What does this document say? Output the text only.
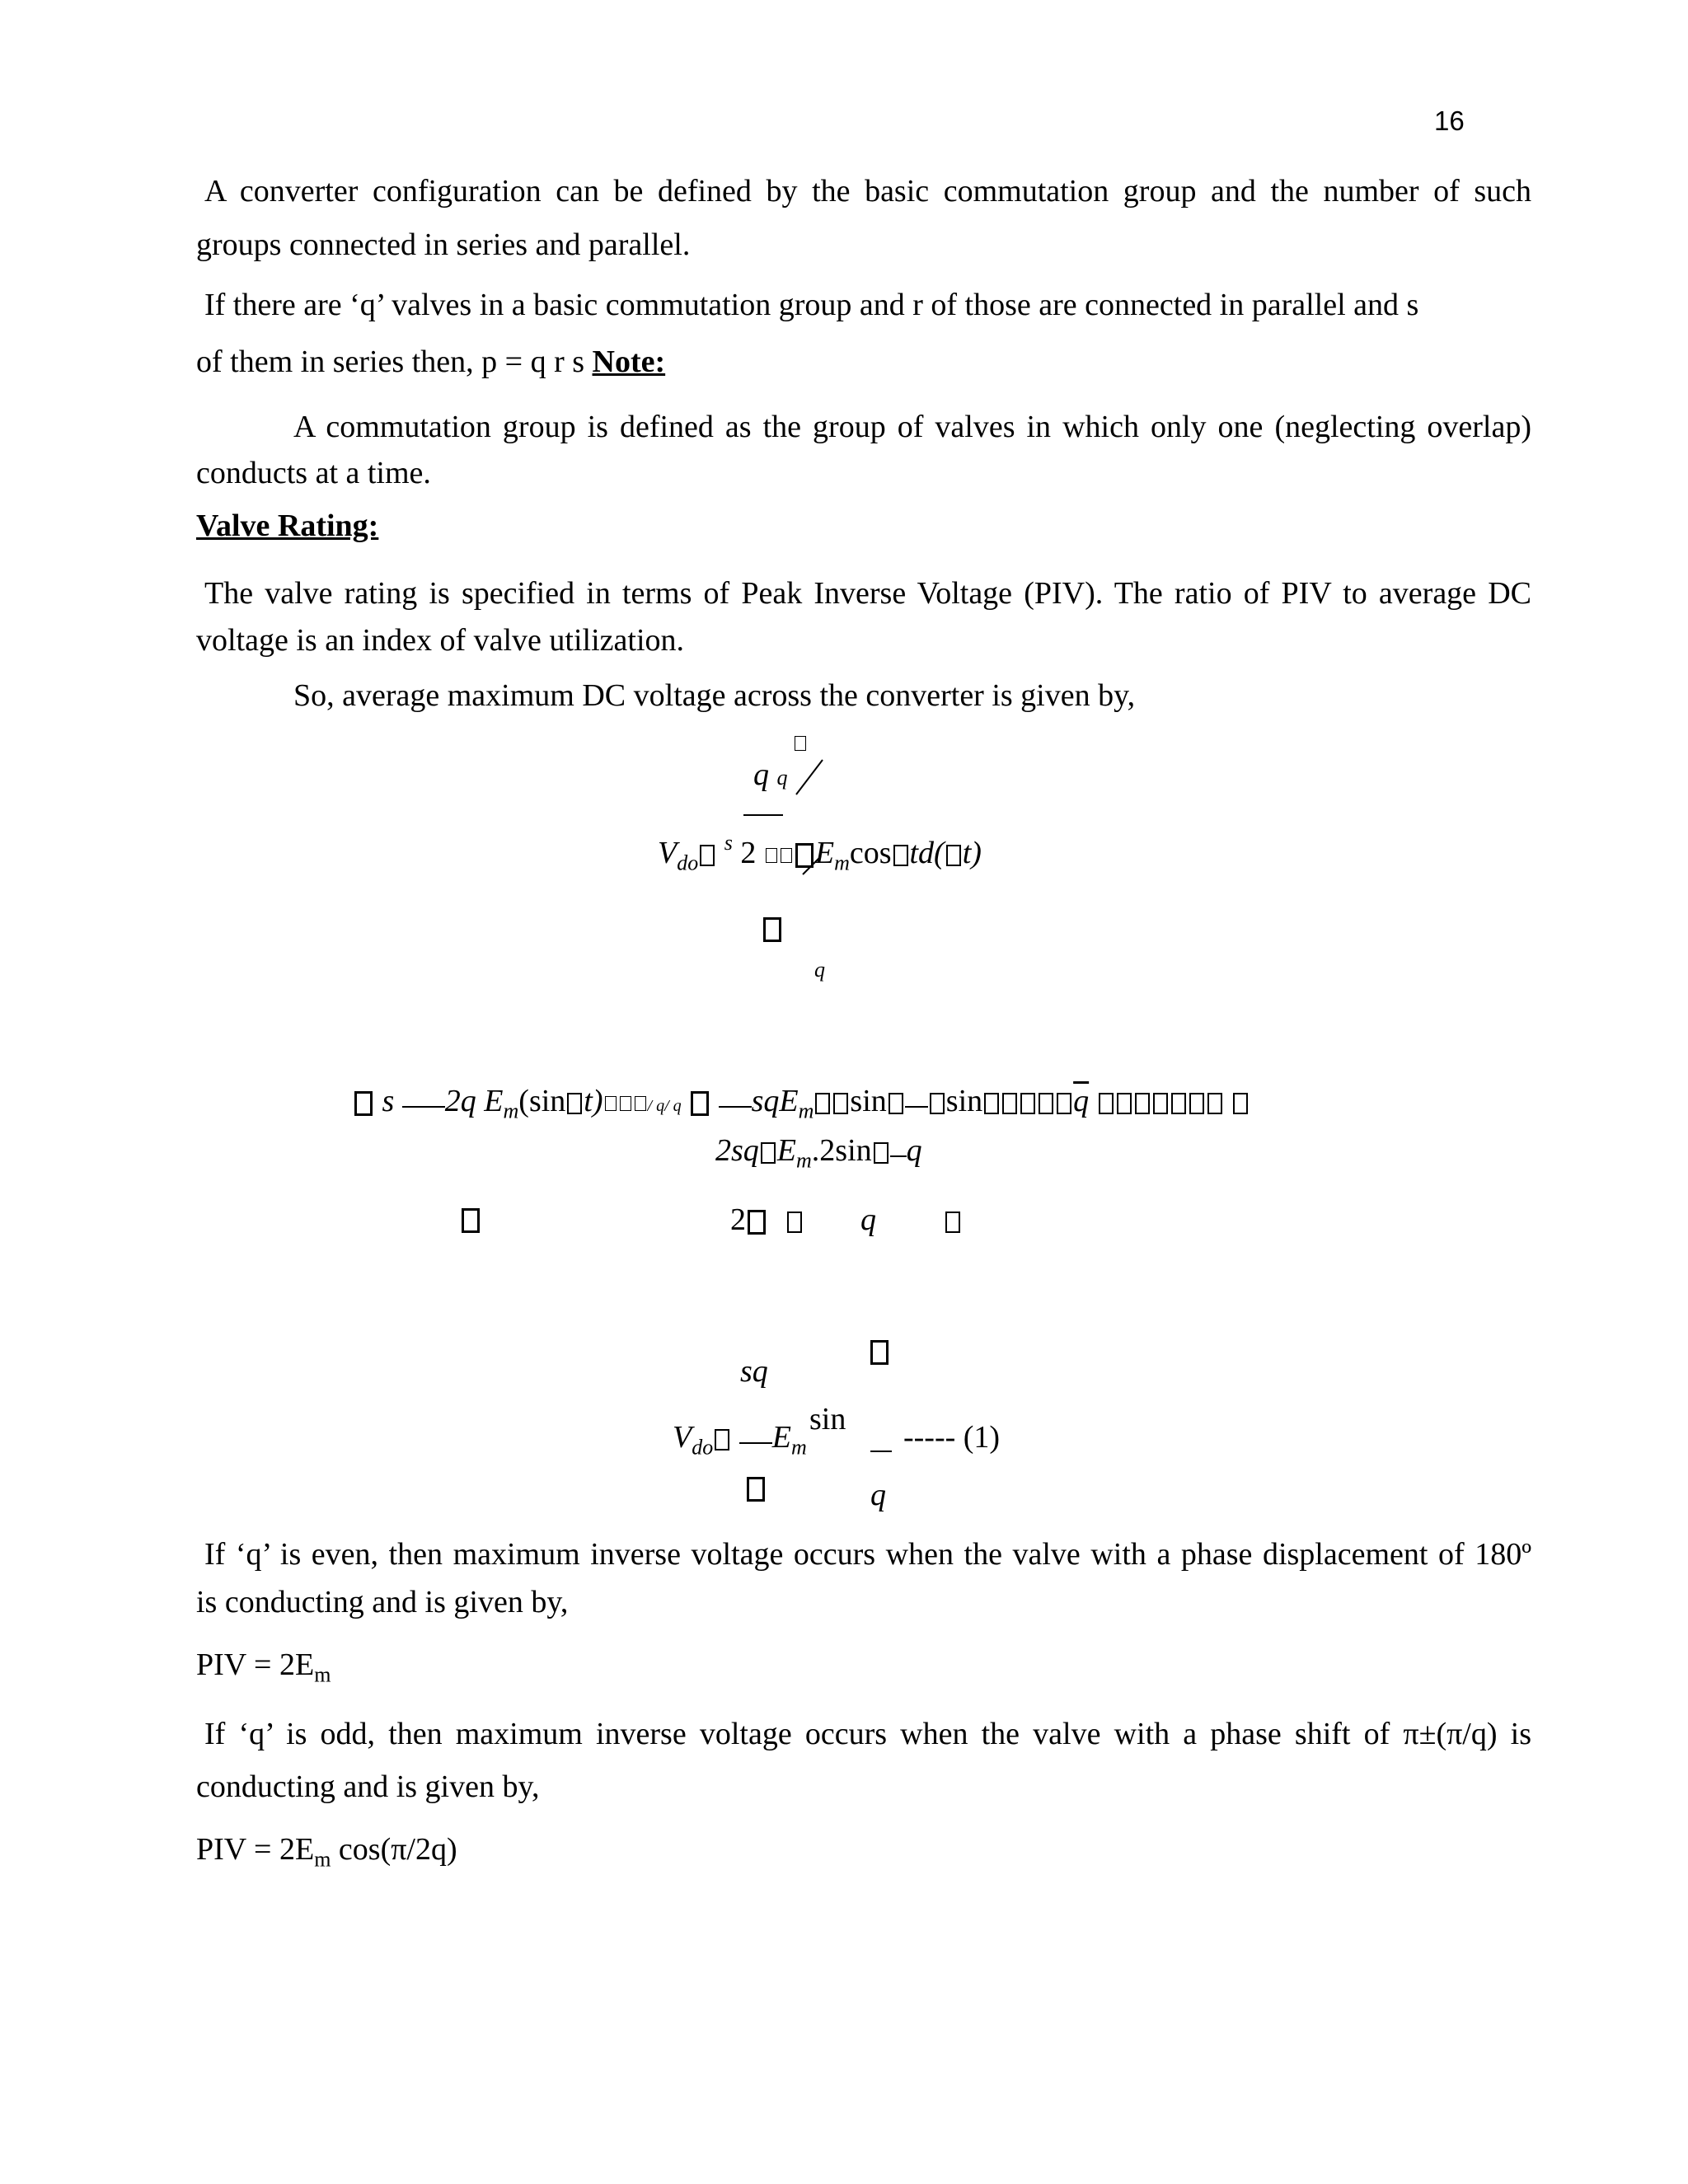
16
A converter configuration can be defined by the basic commutation group and the number of such
groups connected in series and parallel.
If there are ‘q’ valves in a basic commutation group and r of those are connected in parallel and s
of them in series then, p = q r s Note:
A commutation group is defined as the group of valves in which only one (neglecting overlap)
conducts at a time.
Valve Rating:
The valve rating is specified in terms of Peak Inverse Voltage (PIV). The ratio of PIV to average DC
voltage is an index of valve utilization.
So, average maximum DC voltage across the converter is given by,
q q
$V_{do}$ $^s$ 2 $E_m\cos$ td( t)
q
s 2q $E_m(\sin$ t)	/ q/ q sqE$_m$ sin sin	$\overline{q}$
2sq $E_m.2\sin$ q
2	q
sq
sin
$V_{do}$ $E_m$	----- (1)
q
If ‘q’ is even, then maximum inverse voltage occurs when the valve with a phase displacement of 180º
is conducting and is given by,
PIV = $2E_m$
If ‘q’ is odd, then maximum inverse voltage occurs when the valve with a phase shift of π±(π/q) is
conducting and is given by,
PIV = $2E_m$ cos(π/2q)
